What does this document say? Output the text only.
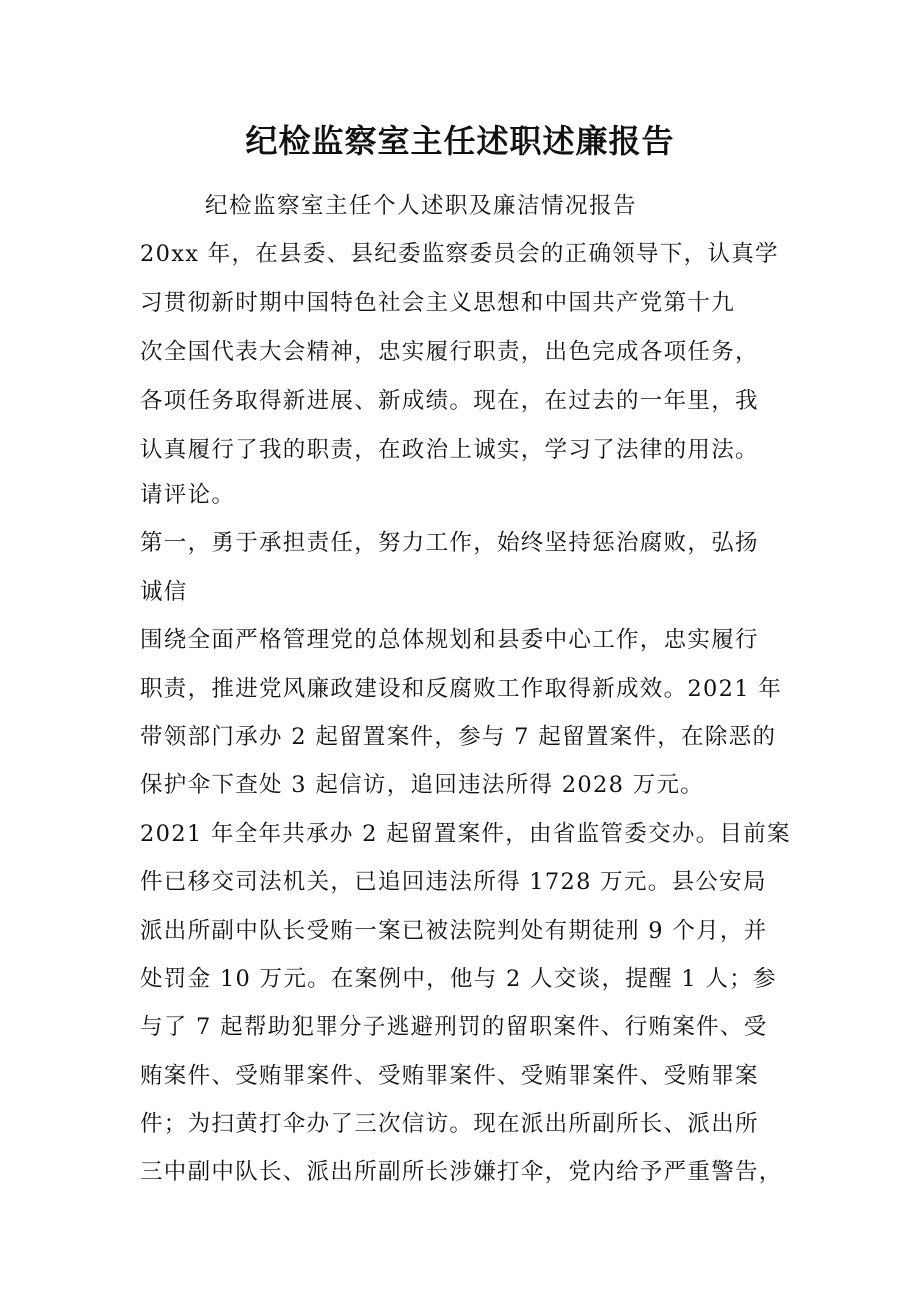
纪检监察室主任述职述廉报告
纪检监察室主任个人述职及廉洁情况报告
20xx 年，在县委、县纪委监察委员会的正确领导下，认真学
习贯彻新时期中国特色社会主义思想和中国共产党第十九
次全国代表大会精神，忠实履行职责，出色完成各项任务，
各项任务取得新进展、新成绩。现在，在过去的一年里，我
认真履行了我的职责，在政治上诚实，学习了法律的用法。
请评论。
第一，勇于承担责任，努力工作，始终坚持惩治腐败，弘扬
诚信
围绕全面严格管理党的总体规划和县委中心工作，忠实履行
职责，推进党风廉政建设和反腐败工作取得新成效。2021 年
带领部门承办 2 起留置案件，参与 7 起留置案件，在除恶的
保护伞下查处 3 起信访，追回违法所得 2028 万元。
2021 年全年共承办 2 起留置案件，由省监管委交办。目前案
件已移交司法机关，已追回违法所得 1728 万元。县公安局
派出所副中队长受贿一案已被法院判处有期徒刑 9 个月，并
处罚金 10 万元。在案例中，他与 2 人交谈，提醒 1 人；参
与了 7 起帮助犯罪分子逃避刑罚的留职案件、行贿案件、受
贿案件、受贿罪案件、受贿罪案件、受贿罪案件、受贿罪案
件；为扫黄打伞办了三次信访。现在派出所副所长、派出所
三中副中队长、派出所副所长涉嫌打伞，党内给予严重警告，
